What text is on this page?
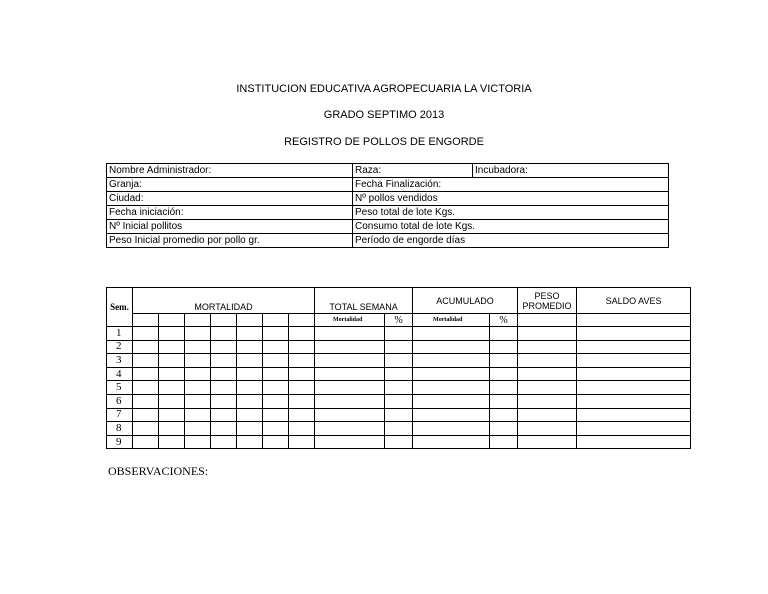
INSTITUCION EDUCATIVA AGROPECUARIA LA VICTORIA
GRADO SEPTIMO 2013
REGISTRO DE POLLOS DE ENGORDE
Nombre Administrador:	Raza:	Incubadora:
Granja:	Fecha Finalización:	
Ciudad:	Nº pollos vendidos	
Fecha iniciación:	Peso total de lote Kgs.	
Nº Inicial pollitos	Consumo total de lote Kgs.	
Peso Inicial promedio por pollo gr.	Período de engorde días	
Sem.	MORTALIDAD							TOTAL SEMANA		ACUMULADO		PESO PROMEDIO	SALDO AVES
								Mortalidad	%	Mortalidad	%		
1													
2													
3													
4													
5													
6													
7													
8													
9													
OBSERVACIONES:
